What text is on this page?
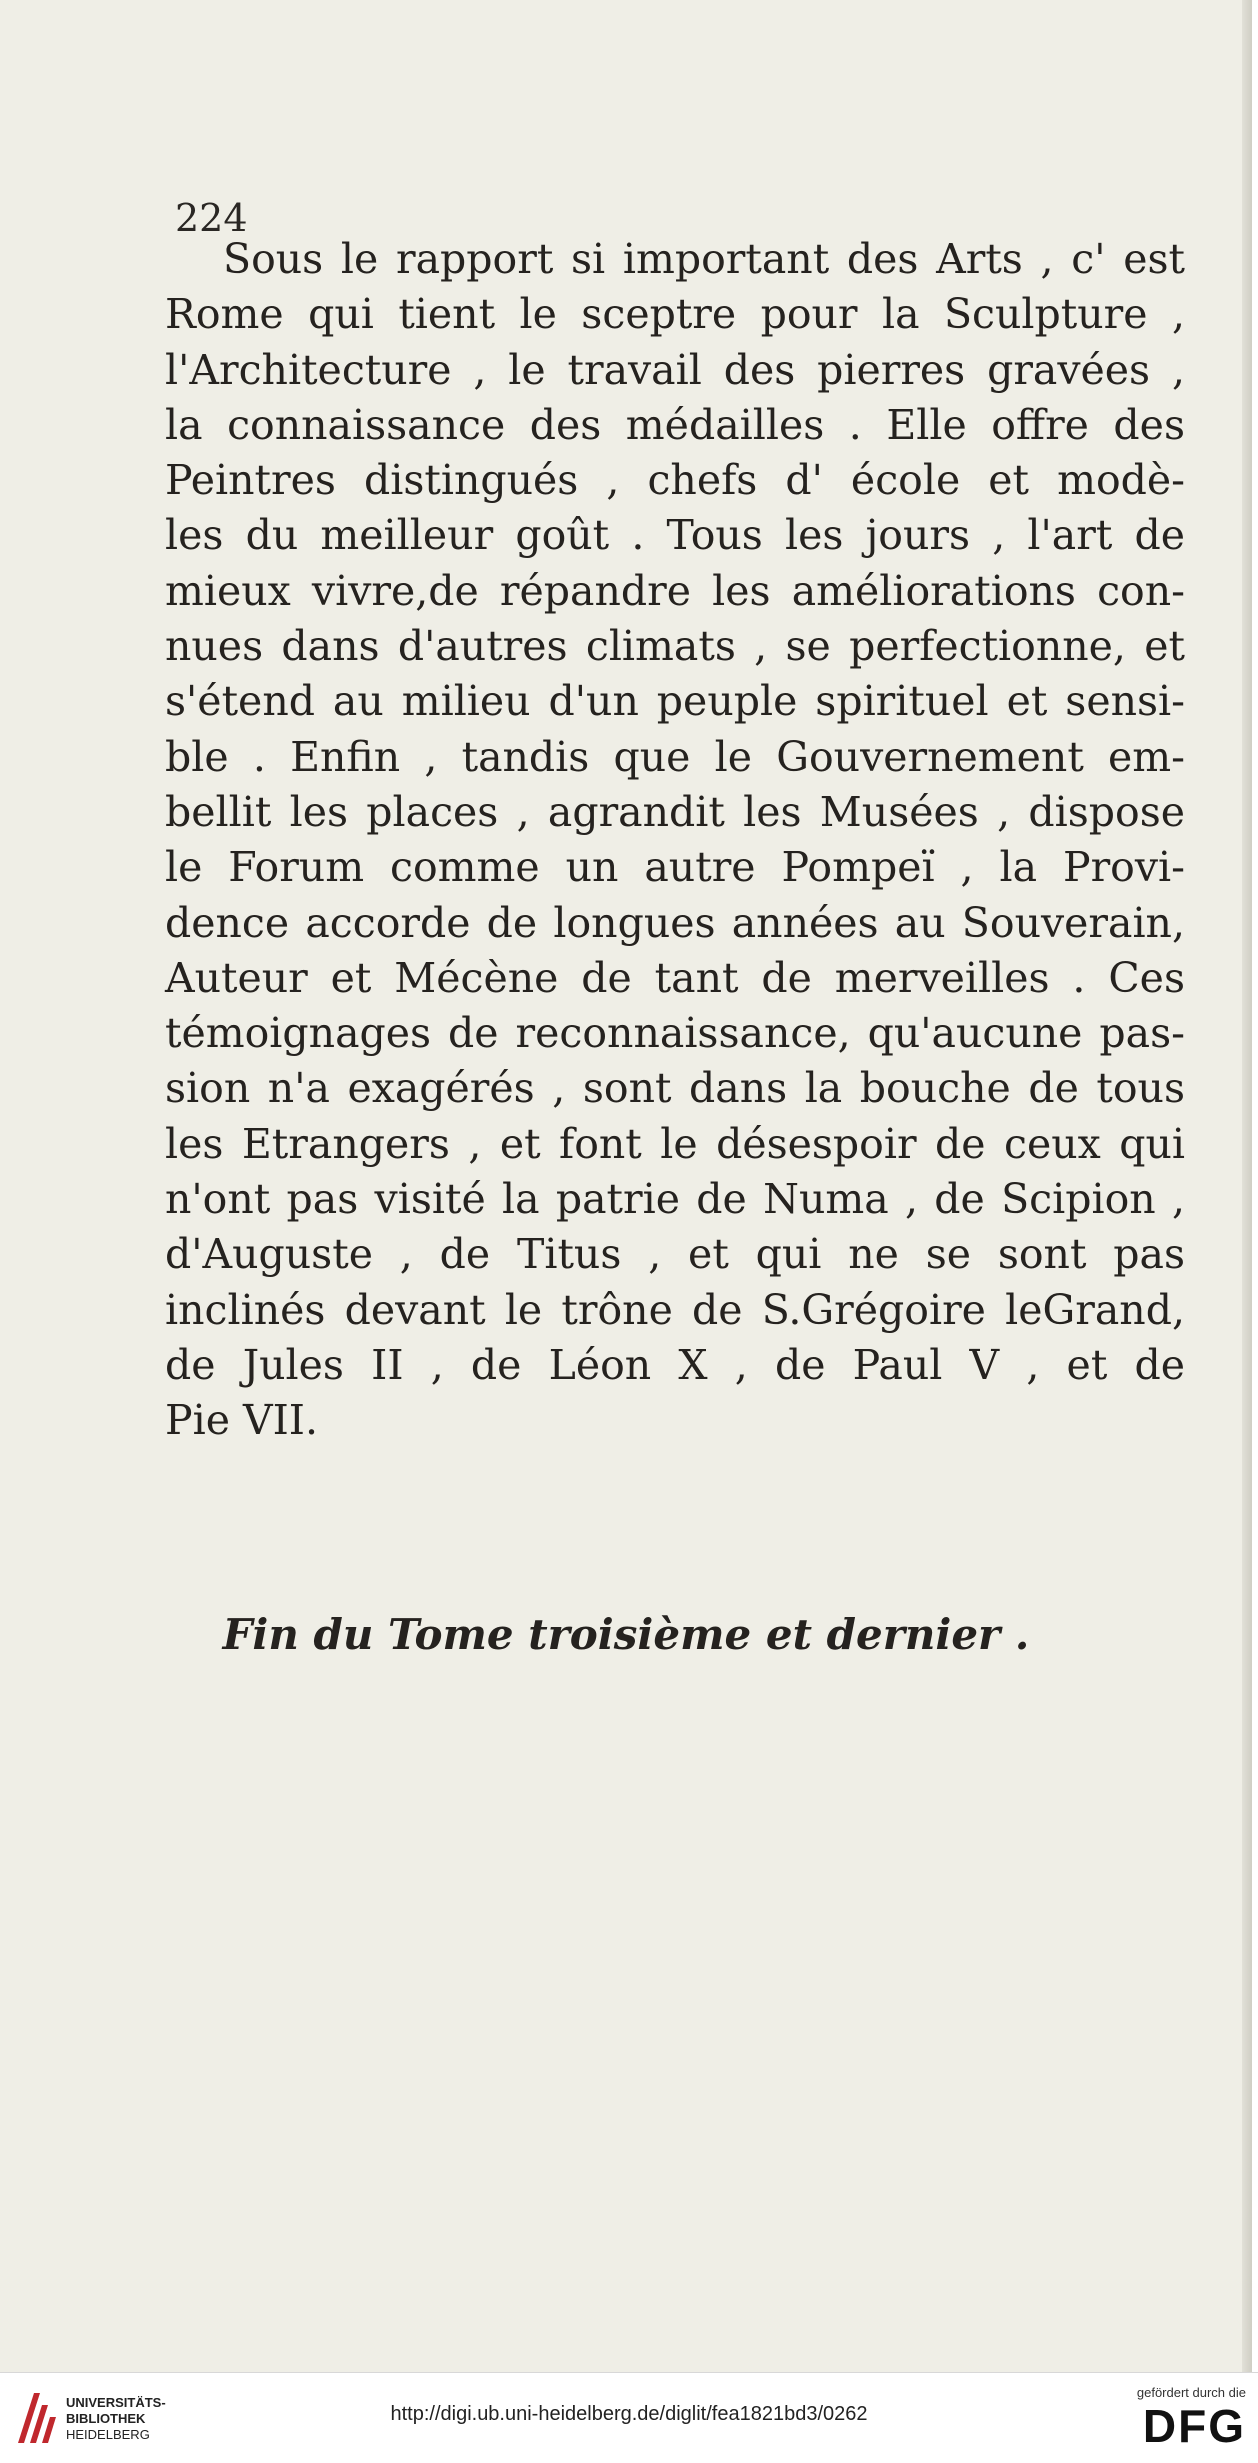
224

Sous le rapport si important des Arts , c' est
Rome qui tient le sceptre pour la Sculpture ,
l'Architecture , le travail des pierres gravées ,
la connaissance des médailles . Elle offre des
Peintres distingués , chefs d' école et modè-
les du meilleur goût . Tous les jours , l'art de
mieux vivre,de répandre les améliorations con-
nues dans d'autres climats , se perfectionne, et
s'étend au milieu d'un peuple spirituel et sensi-
ble . Enfin , tandis que le Gouvernement em-
bellit les places , agrandit les Musées , dispose
le Forum comme un autre Pompeï , la Provi-
dence accorde de longues années au Souverain,
Auteur et Mécène de tant de merveilles . Ces
témoignages de reconnaissance, qu'aucune pas-
sion n'a exagérés , sont dans la bouche de tous
les Etrangers , et font le désespoir de ceux qui
n'ont pas visité la patrie de Numa , de Scipion ,
d'Auguste , de Titus , et qui ne se sont pas
inclinés devant le trône de S.Grégoire leGrand,
de Jules II , de Léon X , de Paul V , et de
Pie VII.

Fin du Tome troisième et dernier .

UNIVERSITÄTS-
BIBLIOTHEK
HEIDELBERG

http://digi.ub.uni-heidelberg.de/diglit/fea1821bd3/0262
gefördert durch die
DFG
